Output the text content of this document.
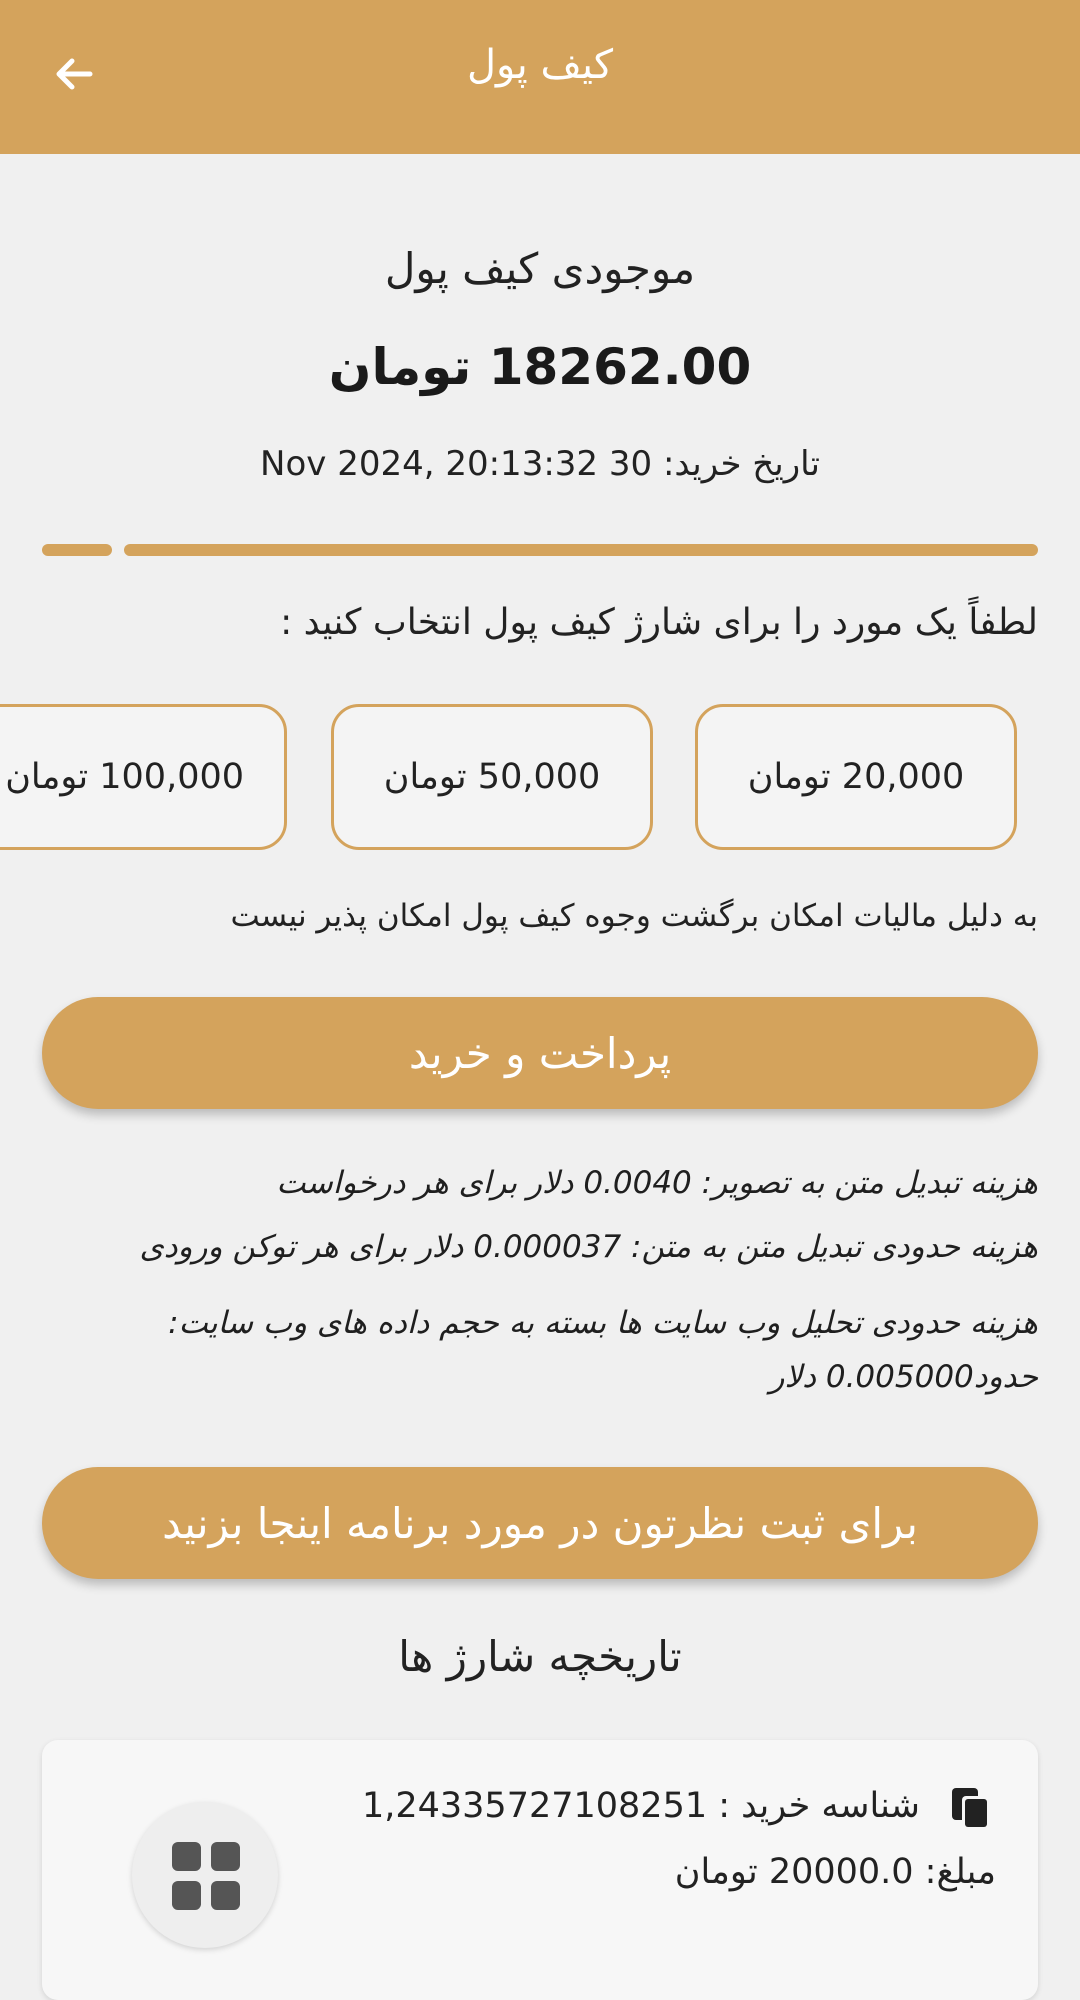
کیف پول
موجودی کیف پول
18262.00 تومان
تاریخ خرید: 30 Nov 2024, 20:13:32
لطفاً یک مورد را برای شارژ کیف پول انتخاب کنید :
20,000 تومان
50,000 تومان
100,000 تومان
به دلیل مالیات امکان برگشت وجوه کیف پول امکان پذیر نیست
پرداخت و خرید
هزینه تبدیل متن به تصویر: 0.0040 دلار برای هر درخواست
هزینه حدودی تبدیل متن به متن: 0.000037 دلار برای هر توکن ورودی
هزینه حدودی تحلیل وب سایت ها بسته به حجم داده های وب سایت: حدود0.005000 دلار
برای ثبت نظرتون در مورد برنامه اینجا بزنید
تاریخچه شارژ ها
شناسه خرید : 1,24335727108251
مبلغ: 20000.0 تومان
